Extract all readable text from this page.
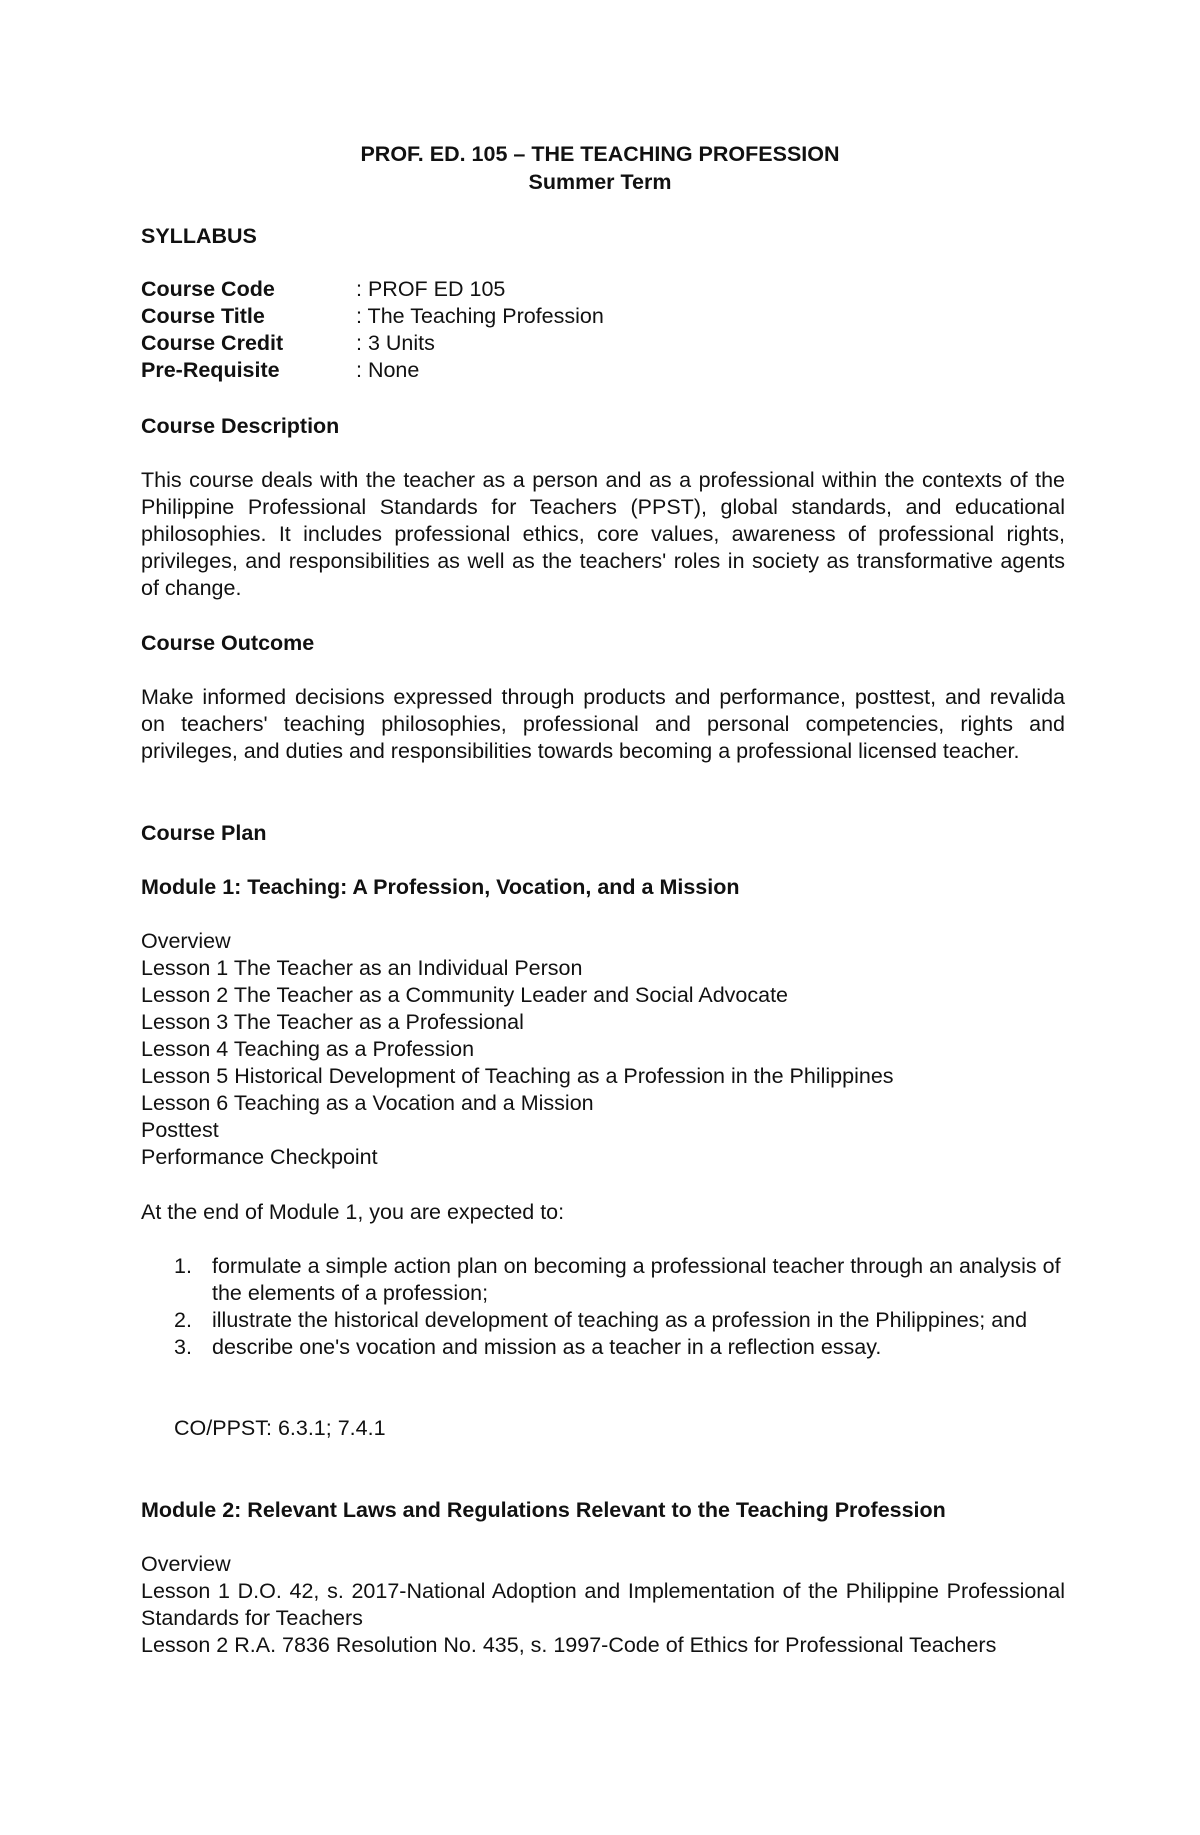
PROF. ED. 105 – THE TEACHING PROFESSION
Summer Term
SYLLABUS
Course Code	: PROF ED 105
Course Title	: The Teaching Profession
Course Credit	: 3 Units
Pre-Requisite	: None
Course Description
This course deals with the teacher as a person and as a professional within the contexts of the Philippine Professional Standards for Teachers (PPST), global standards, and educational philosophies. It includes professional ethics, core values, awareness of professional rights, privileges, and responsibilities as well as the teachers' roles in society as transformative agents of change.
Course Outcome
Make informed decisions expressed through products and performance, posttest, and revalida on teachers' teaching philosophies, professional and personal competencies, rights and privileges, and duties and responsibilities towards becoming a professional licensed teacher.
Course Plan
Module 1: Teaching: A Profession, Vocation, and a Mission
Overview
Lesson 1 The Teacher as an Individual Person
Lesson 2 The Teacher as a Community Leader and Social Advocate
Lesson 3 The Teacher as a Professional
Lesson 4 Teaching as a Profession
Lesson 5 Historical Development of Teaching as a Profession in the Philippines
Lesson 6 Teaching as a Vocation and a Mission
Posttest
Performance Checkpoint
At the end of Module 1, you are expected to:
1. formulate a simple action plan on becoming a professional teacher through an analysis of the elements of a profession;
2. illustrate the historical development of teaching as a profession in the Philippines; and
3. describe one's vocation and mission as a teacher in a reflection essay.
CO/PPST: 6.3.1; 7.4.1
Module 2: Relevant Laws and Regulations Relevant to the Teaching Profession
Overview
Lesson 1 D.O. 42, s. 2017-National Adoption and Implementation of the Philippine Professional Standards for Teachers
Lesson 2 R.A. 7836 Resolution No. 435, s. 1997-Code of Ethics for Professional Teachers
